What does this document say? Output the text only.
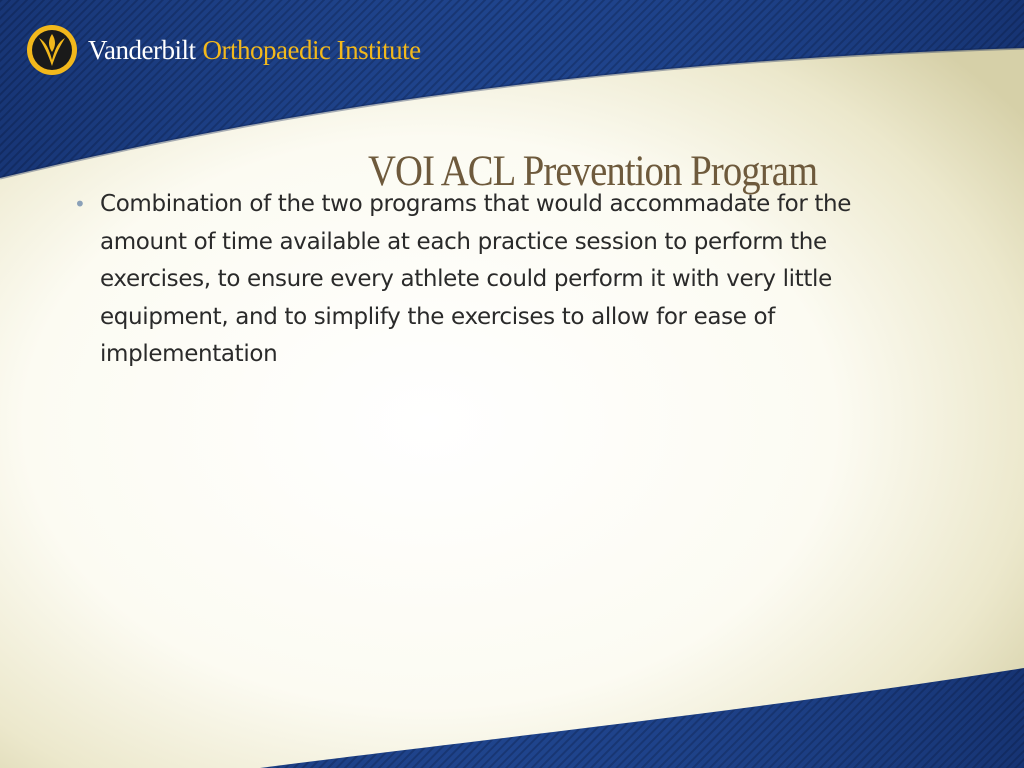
Vanderbilt Orthopaedic Institute
VOI ACL Prevention Program
• Combination of the two programs that would accommadate for the amount of time available at each practice session to perform the exercises, to ensure every athlete could perform it with very little equipment, and to simplify the exercises to allow for ease of implementation
